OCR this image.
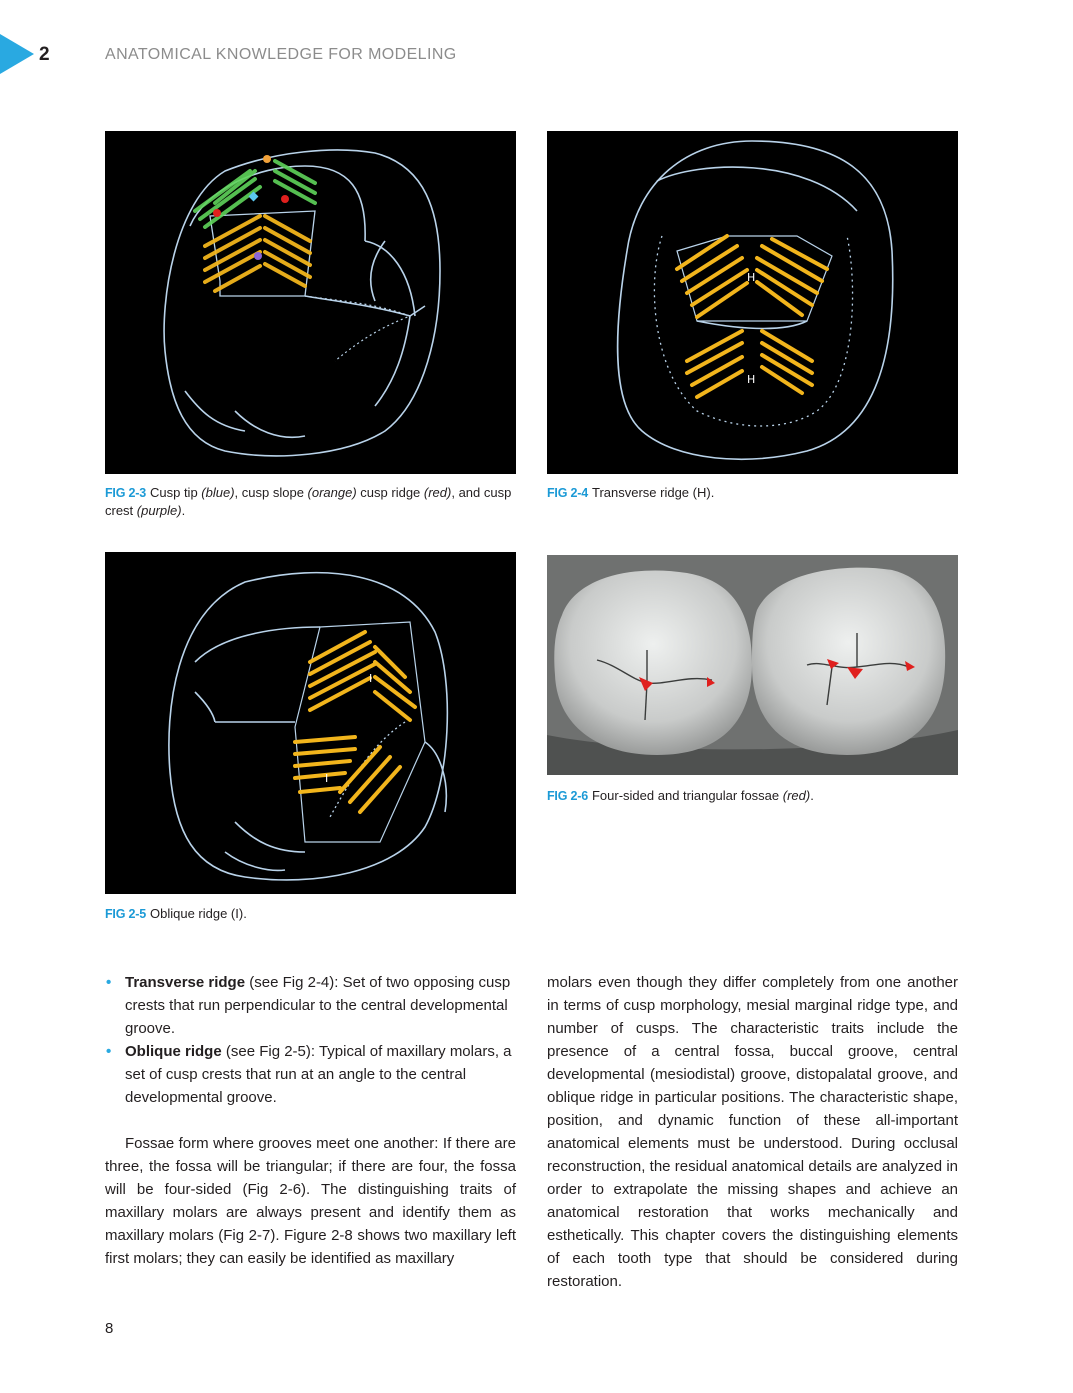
2	ANATOMICAL KNOWLEDGE FOR MODELING
FIG 2-3 Cusp tip (blue), cusp slope (orange) cusp ridge (red), and cusp crest (purple).
H
H
FIG 2-4 Transverse ridge (H).
I
I
FIG 2-5 Oblique ridge (I).
FIG 2-6 Four-sided and triangular fossae (red).
• Transverse ridge (see Fig 2-4): Set of two opposing cusp crests that run perpendicular to the central developmental groove.
• Oblique ridge (see Fig 2-5): Typical of maxillary molars, a set of cusp crests that run at an angle to the central developmental groove.

Fossae form where grooves meet one another: If there are three, the fossa will be triangular; if there are four, the fossa will be four-sided (Fig 2-6). The distinguishing traits of maxillary molars are always present and identify them as maxillary molars (Fig 2-7). Figure 2-8 shows two maxillary left first molars; they can easily be identified as maxillary

molars even though they differ completely from one another in terms of cusp morphology, mesial marginal ridge type, and number of cusps. The characteristic traits include the presence of a central fossa, buccal groove, central developmental (mesiodistal) groove, distopalatal groove, and oblique ridge in particular positions. The characteristic shape, position, and dynamic function of these all-important anatomical elements must be understood. During occlusal reconstruction, the residual anatomical details are analyzed in order to extrapolate the missing shapes and achieve an anatomical restoration that works mechanically and esthetically. This chapter covers the distinguishing elements of each tooth type that should be considered during restoration.

8
